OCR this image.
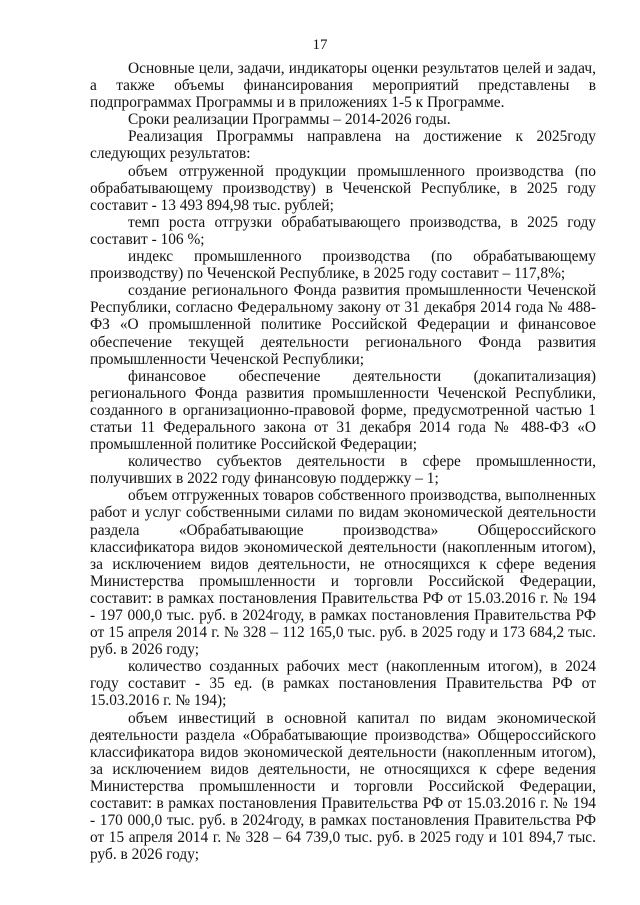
17

Основные цели, задачи, индикаторы оценки результатов целей и задач, а также объемы финансирования мероприятий представлены в подпрограммах Программы и в приложениях 1-5 к Программе.

Сроки реализации Программы – 2014-2026 годы.

Реализация Программы направлена на достижение к 2025году следующих результатов:

объем отгруженной продукции промышленного производства (по обрабатывающему производству) в Чеченской Республике, в 2025 году составит - 13 493 894,98 тыс. рублей;

темп роста отгрузки обрабатывающего производства, в 2025 году составит - 106 %;

индекс промышленного производства (по обрабатывающему производству) по Чеченской Республике, в 2025 году составит – 117,8%;

создание регионального Фонда развития промышленности Чеченской Республики, согласно Федеральному закону от 31 декабря 2014 года № 488-ФЗ «О промышленной политике Российской Федерации и финансовое обеспечение текущей деятельности регионального Фонда развития промышленности Чеченской Республики;

финансовое обеспечение деятельности (докапитализация) регионального Фонда развития промышленности Чеченской Республики, созданного в организационно-правовой форме, предусмотренной частью 1 статьи 11 Федерального закона от 31 декабря 2014 года № 488-ФЗ «О промышленной политике Российской Федерации;

количество субъектов деятельности в сфере промышленности, получивших в 2022 году финансовую поддержку – 1;

объем отгруженных товаров собственного производства, выполненных работ и услуг собственными силами по видам экономической деятельности раздела «Обрабатывающие производства» Общероссийского классификатора видов экономической деятельности (накопленным итогом), за исключением видов деятельности, не относящихся к сфере ведения Министерства промышленности и торговли Российской Федерации, составит: в рамках постановления Правительства РФ от 15.03.2016 г. № 194 - 197 000,0 тыс. руб. в 2024году, в рамках постановления Правительства РФ от 15 апреля 2014 г. № 328 – 112 165,0 тыс. руб. в 2025 году и 173 684,2 тыс. руб. в 2026 году;

количество созданных рабочих мест (накопленным итогом), в 2024 году составит - 35 ед. (в рамках постановления Правительства РФ от 15.03.2016 г. № 194);

объем инвестиций в основной капитал по видам экономической деятельности раздела «Обрабатывающие производства» Общероссийского классификатора видов экономической деятельности (накопленным итогом), за исключением видов деятельности, не относящихся к сфере ведения Министерства промышленности и торговли Российской Федерации, составит: в рамках постановления Правительства РФ от 15.03.2016 г. № 194 - 170 000,0 тыс. руб. в 2024году, в рамках постановления Правительства РФ от 15 апреля 2014 г. № 328 – 64 739,0 тыс. руб. в 2025 году и 101 894,7 тыс. руб. в 2026 году;
